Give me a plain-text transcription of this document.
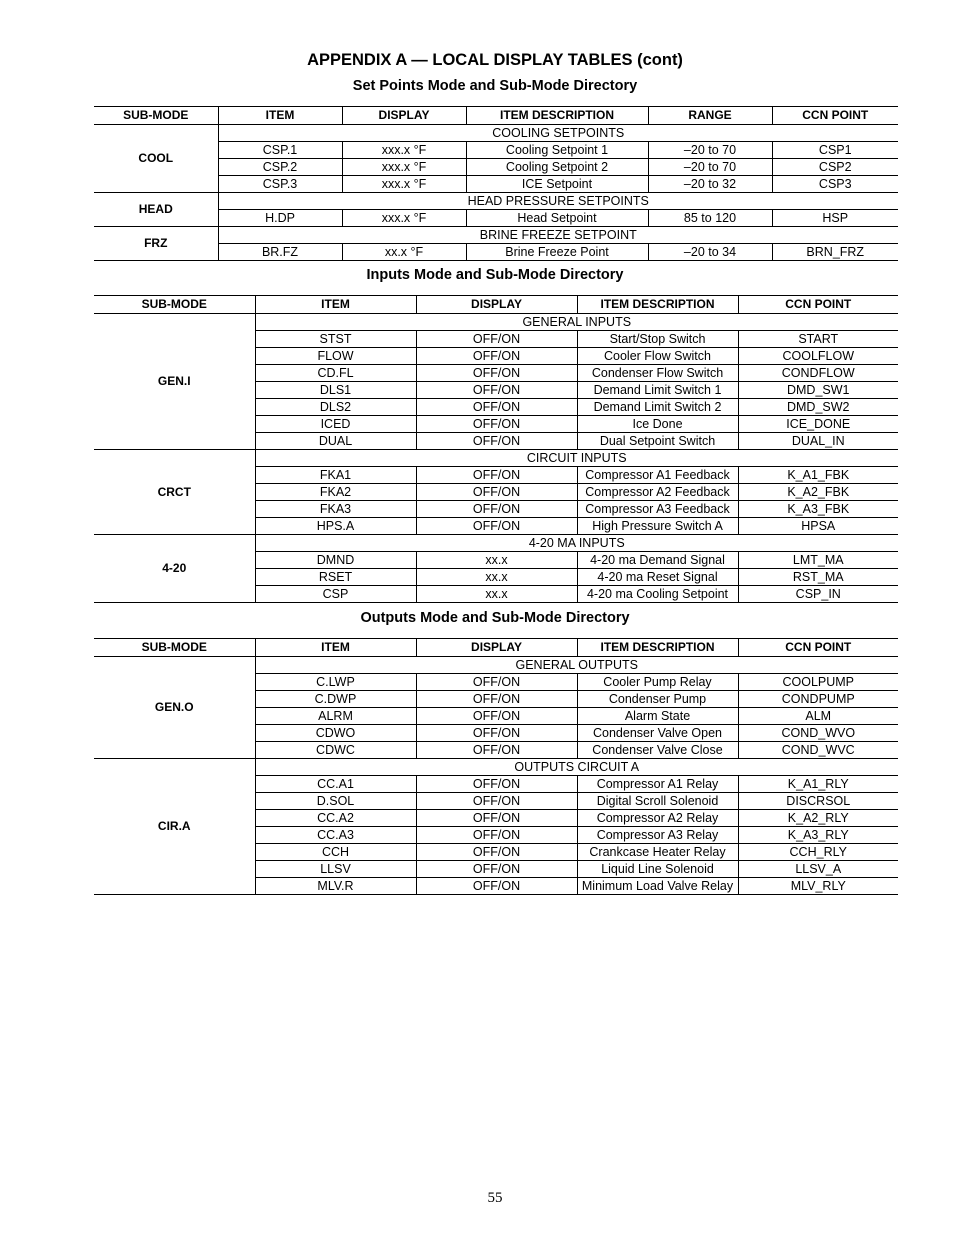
APPENDIX A — LOCAL DISPLAY TABLES (cont)
Set Points Mode and Sub-Mode Directory
SUB-MODE	ITEM	DISPLAY	ITEM DESCRIPTION	RANGE	CCN POINT
COOL	COOLING SETPOINTS				
	CSP.1	xxx.x °F	Cooling Setpoint 1	–20 to 70	CSP1
	CSP.2	xxx.x °F	Cooling Setpoint 2	–20 to 70	CSP2
	CSP.3	xxx.x °F	ICE Setpoint	–20 to 32	CSP3
HEAD	HEAD PRESSURE SETPOINTS				
	H.DP	xxx.x °F	Head Setpoint	85 to 120	HSP
FRZ	BRINE FREEZE SETPOINT				
	BR.FZ	xx.x °F	Brine Freeze Point	–20 to 34	BRN_FRZ
Inputs Mode and Sub-Mode Directory
SUB-MODE	ITEM	DISPLAY	ITEM DESCRIPTION	CCN POINT
GEN.I	GENERAL INPUTS			
	STST	OFF/ON	Start/Stop Switch	START
	FLOW	OFF/ON	Cooler Flow Switch	COOLFLOW
	CD.FL	OFF/ON	Condenser Flow Switch	CONDFLOW
	DLS1	OFF/ON	Demand Limit Switch 1	DMD_SW1
	DLS2	OFF/ON	Demand Limit Switch 2	DMD_SW2
	ICED	OFF/ON	Ice Done	ICE_DONE
	DUAL	OFF/ON	Dual Setpoint Switch	DUAL_IN
CRCT	CIRCUIT INPUTS			
	FKA1	OFF/ON	Compressor A1 Feedback	K_A1_FBK
	FKA2	OFF/ON	Compressor A2 Feedback	K_A2_FBK
	FKA3	OFF/ON	Compressor A3 Feedback	K_A3_FBK
	HPS.A	OFF/ON	High Pressure Switch A	HPSA
4-20	4-20 MA INPUTS			
	DMND	xx.x	4-20 ma Demand Signal	LMT_MA
	RSET	xx.x	4-20 ma Reset Signal	RST_MA
	CSP	xx.x	4-20 ma Cooling Setpoint	CSP_IN
Outputs Mode and Sub-Mode Directory
SUB-MODE	ITEM	DISPLAY	ITEM DESCRIPTION	CCN POINT
GEN.O	GENERAL OUTPUTS			
	C.LWP	OFF/ON	Cooler Pump Relay	COOLPUMP
	C.DWP	OFF/ON	Condenser Pump	CONDPUMP
	ALRM	OFF/ON	Alarm State	ALM
	CDWO	OFF/ON	Condenser Valve Open	COND_WVO
	CDWC	OFF/ON	Condenser Valve Close	COND_WVC
CIR.A	OUTPUTS CIRCUIT A			
	CC.A1	OFF/ON	Compressor A1 Relay	K_A1_RLY
	D.SOL	OFF/ON	Digital Scroll Solenoid	DISCRSOL
	CC.A2	OFF/ON	Compressor A2 Relay	K_A2_RLY
	CC.A3	OFF/ON	Compressor A3 Relay	K_A3_RLY
	CCH	OFF/ON	Crankcase Heater Relay	CCH_RLY
	LLSV	OFF/ON	Liquid Line Solenoid	LLSV_A
	MLV.R	OFF/ON	Minimum Load Valve Relay	MLV_RLY
55
